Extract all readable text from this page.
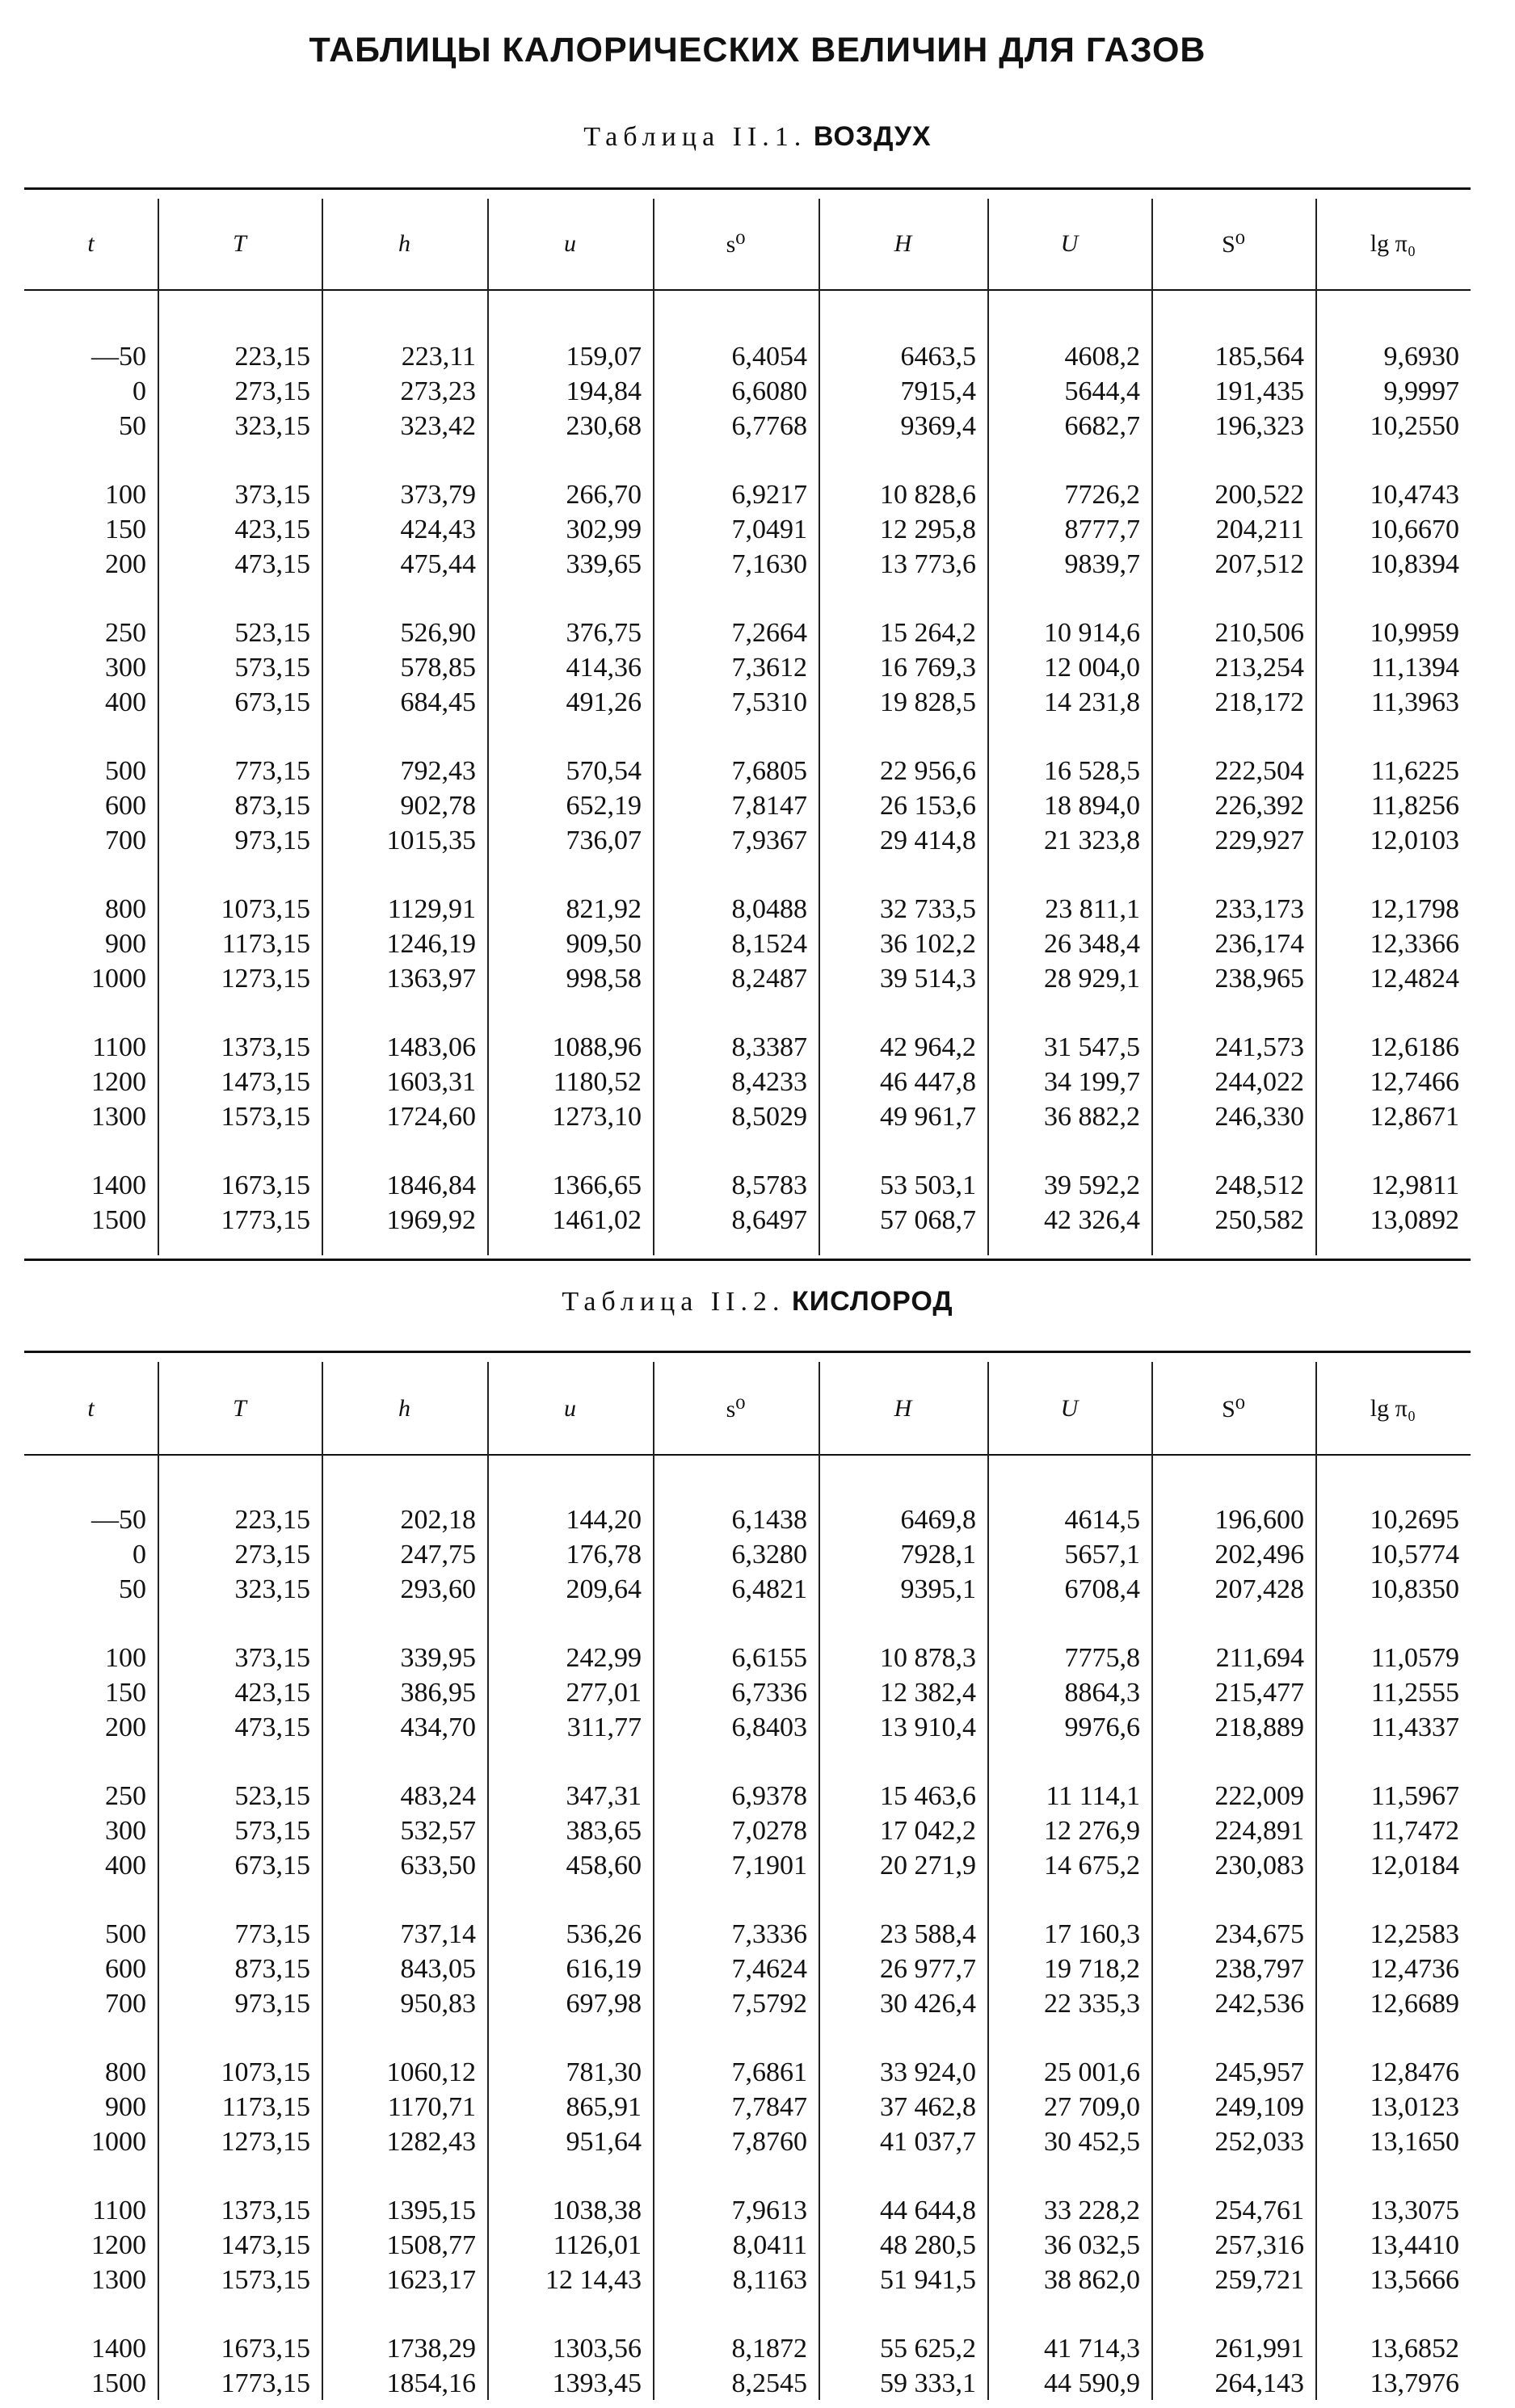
ТАБЛИЦЫ КАЛОРИЧЕСКИХ ВЕЛИЧИН ДЛЯ ГАЗОВ
Таблица II.1. ВОЗДУХ
t	T	h	u	s⁰	H	U	S⁰	lg π₀
—50	223,15	223,11	159,07	6,4054	6463,5	4608,2	185,564	9,6930
0	273,15	273,23	194,84	6,6080	7915,4	5644,4	191,435	9,9997
50	323,15	323,42	230,68	6,7768	9369,4	6682,7	196,323	10,2550
100	373,15	373,79	266,70	6,9217	10 828,6	7726,2	200,522	10,4743
150	423,15	424,43	302,99	7,0491	12 295,8	8777,7	204,211	10,6670
200	473,15	475,44	339,65	7,1630	13 773,6	9839,7	207,512	10,8394
250	523,15	526,90	376,75	7,2664	15 264,2	10 914,6	210,506	10,9959
300	573,15	578,85	414,36	7,3612	16 769,3	12 004,0	213,254	11,1394
400	673,15	684,45	491,26	7,5310	19 828,5	14 231,8	218,172	11,3963
500	773,15	792,43	570,54	7,6805	22 956,6	16 528,5	222,504	11,6225
600	873,15	902,78	652,19	7,8147	26 153,6	18 894,0	226,392	11,8256
700	973,15	1015,35	736,07	7,9367	29 414,8	21 323,8	229,927	12,0103
800	1073,15	1129,91	821,92	8,0488	32 733,5	23 811,1	233,173	12,1798
900	1173,15	1246,19	909,50	8,1524	36 102,2	26 348,4	236,174	12,3366
1000	1273,15	1363,97	998,58	8,2487	39 514,3	28 929,1	238,965	12,4824
1100	1373,15	1483,06	1088,96	8,3387	42 964,2	31 547,5	241,573	12,6186
1200	1473,15	1603,31	1180,52	8,4233	46 447,8	34 199,7	244,022	12,7466
1300	1573,15	1724,60	1273,10	8,5029	49 961,7	36 882,2	246,330	12,8671
1400	1673,15	1846,84	1366,65	8,5783	53 503,1	39 592,2	248,512	12,9811
1500	1773,15	1969,92	1461,02	8,6497	57 068,7	42 326,4	250,582	13,0892
Таблица II.2. КИСЛОРОД
t	T	h	u	s⁰	H	U	S⁰	lg π₀
—50	223,15	202,18	144,20	6,1438	6469,8	4614,5	196,600	10,2695
0	273,15	247,75	176,78	6,3280	7928,1	5657,1	202,496	10,5774
50	323,15	293,60	209,64	6,4821	9395,1	6708,4	207,428	10,8350
100	373,15	339,95	242,99	6,6155	10 878,3	7775,8	211,694	11,0579
150	423,15	386,95	277,01	6,7336	12 382,4	8864,3	215,477	11,2555
200	473,15	434,70	311,77	6,8403	13 910,4	9976,6	218,889	11,4337
250	523,15	483,24	347,31	6,9378	15 463,6	11 114,1	222,009	11,5967
300	573,15	532,57	383,65	7,0278	17 042,2	12 276,9	224,891	11,7472
400	673,15	633,50	458,60	7,1901	20 271,9	14 675,2	230,083	12,0184
500	773,15	737,14	536,26	7,3336	23 588,4	17 160,3	234,675	12,2583
600	873,15	843,05	616,19	7,4624	26 977,7	19 718,2	238,797	12,4736
700	973,15	950,83	697,98	7,5792	30 426,4	22 335,3	242,536	12,6689
800	1073,15	1060,12	781,30	7,6861	33 924,0	25 001,6	245,957	12,8476
900	1173,15	1170,71	865,91	7,7847	37 462,8	27 709,0	249,109	13,0123
1000	1273,15	1282,43	951,64	7,8760	41 037,7	30 452,5	252,033	13,1650
1100	1373,15	1395,15	1038,38	7,9613	44 644,8	33 228,2	254,761	13,3075
1200	1473,15	1508,77	1126,01	8,0411	48 280,5	36 032,5	257,316	13,4410
1300	1573,15	1623,17	12 14,43	8,1163	51 941,5	38 862,0	259,721	13,5666
1400	1673,15	1738,29	1303,56	8,1872	55 625,2	41 714,3	261,991	13,6852
1500	1773,15	1854,16	1393,45	8,2545	59 333,1	44 590,9	264,143	13,7976
